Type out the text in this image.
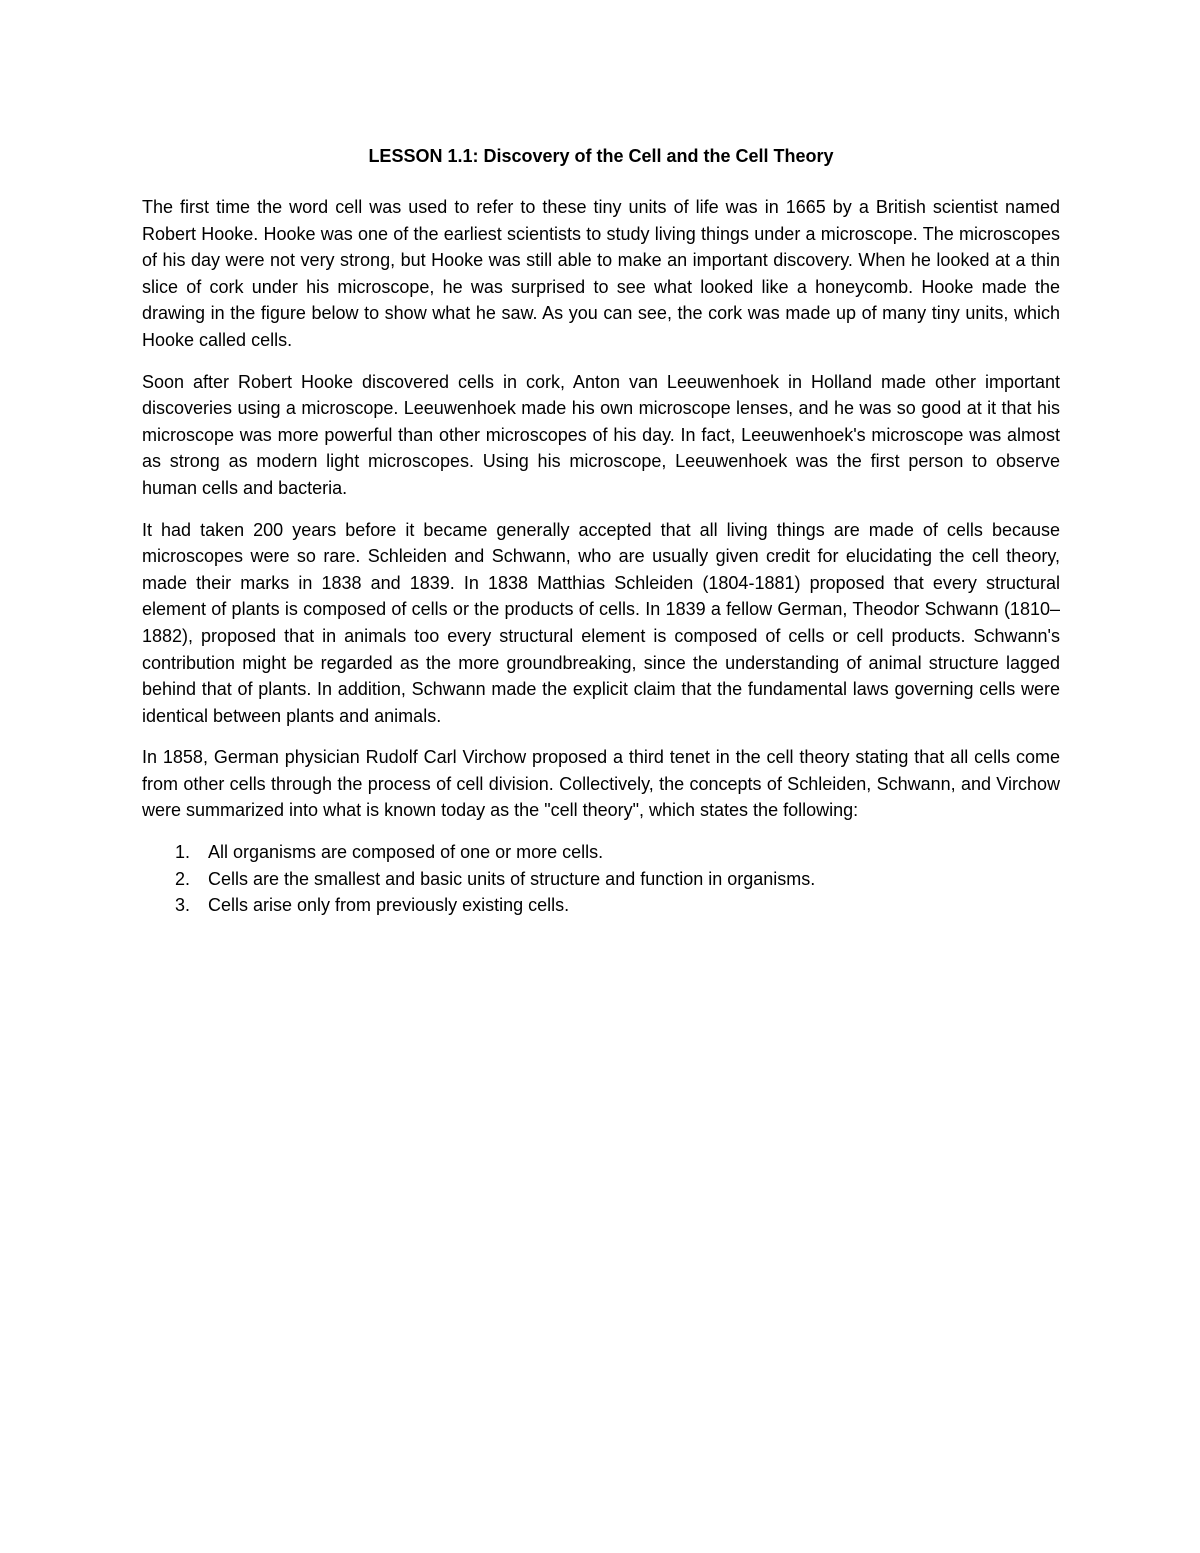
LESSON 1.1: Discovery of the Cell and the Cell Theory

The first time the word cell was used to refer to these tiny units of life was in 1665 by a British scientist named Robert Hooke. Hooke was one of the earliest scientists to study living things under a microscope. The microscopes of his day were not very strong, but Hooke was still able to make an important discovery. When he looked at a thin slice of cork under his microscope, he was surprised to see what looked like a honeycomb. Hooke made the drawing in the figure below to show what he saw. As you can see, the cork was made up of many tiny units, which Hooke called cells.

Soon after Robert Hooke discovered cells in cork, Anton van Leeuwenhoek in Holland made other important discoveries using a microscope. Leeuwenhoek made his own microscope lenses, and he was so good at it that his microscope was more powerful than other microscopes of his day. In fact, Leeuwenhoek's microscope was almost as strong as modern light microscopes. Using his microscope, Leeuwenhoek was the first person to observe human cells and bacteria.

It had taken 200 years before it became generally accepted that all living things are made of cells because microscopes were so rare. Schleiden and Schwann, who are usually given credit for elucidating the cell theory, made their marks in 1838 and 1839. In 1838 Matthias Schleiden (1804-1881) proposed that every structural element of plants is composed of cells or the products of cells. In 1839 a fellow German, Theodor Schwann (1810–1882), proposed that in animals too every structural element is composed of cells or cell products. Schwann's contribution might be regarded as the more groundbreaking, since the understanding of animal structure lagged behind that of plants. In addition, Schwann made the explicit claim that the fundamental laws governing cells were identical between plants and animals.

In 1858, German physician Rudolf Carl Virchow proposed a third tenet in the cell theory stating that all cells come from other cells through the process of cell division. Collectively, the concepts of Schleiden, Schwann, and Virchow were summarized into what is known today as the "cell theory", which states the following:

1. All organisms are composed of one or more cells.
2. Cells are the smallest and basic units of structure and function in organisms.
3. Cells arise only from previously existing cells.
